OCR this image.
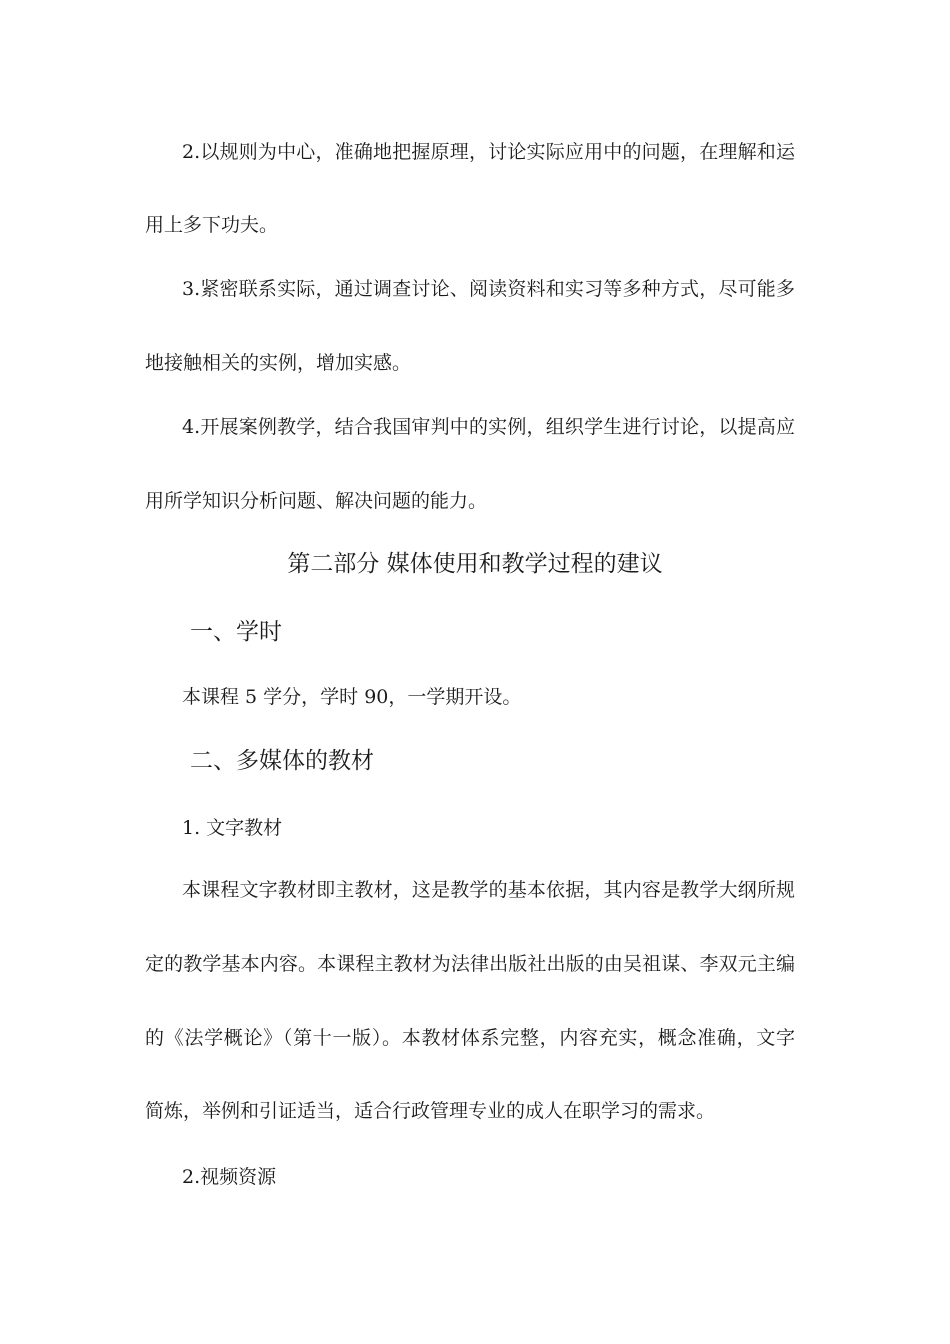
2.以规则为中心，准确地把握原理，讨论实际应用中的问题，在理解和运
用上多下功夫。
3.紧密联系实际，通过调查讨论、阅读资料和实习等多种方式，尽可能多
地接触相关的实例，增加实感。
4.开展案例教学，结合我国审判中的实例，组织学生进行讨论，以提高应
用所学知识分析问题、解决问题的能力。
第二部分 媒体使用和教学过程的建议
一、学时
本课程 5 学分，学时 90，一学期开设。
二、多媒体的教材
1. 文字教材
本课程文字教材即主教材，这是教学的基本依据，其内容是教学大纲所规
定的教学基本内容。本课程主教材为法律出版社出版的由吴祖谋、李双元主编
的《法学概论》（第十一版）。本教材体系完整，内容充实，概念准确，文字
简炼，举例和引证适当，适合行政管理专业的成人在职学习的需求。
2.视频资源
